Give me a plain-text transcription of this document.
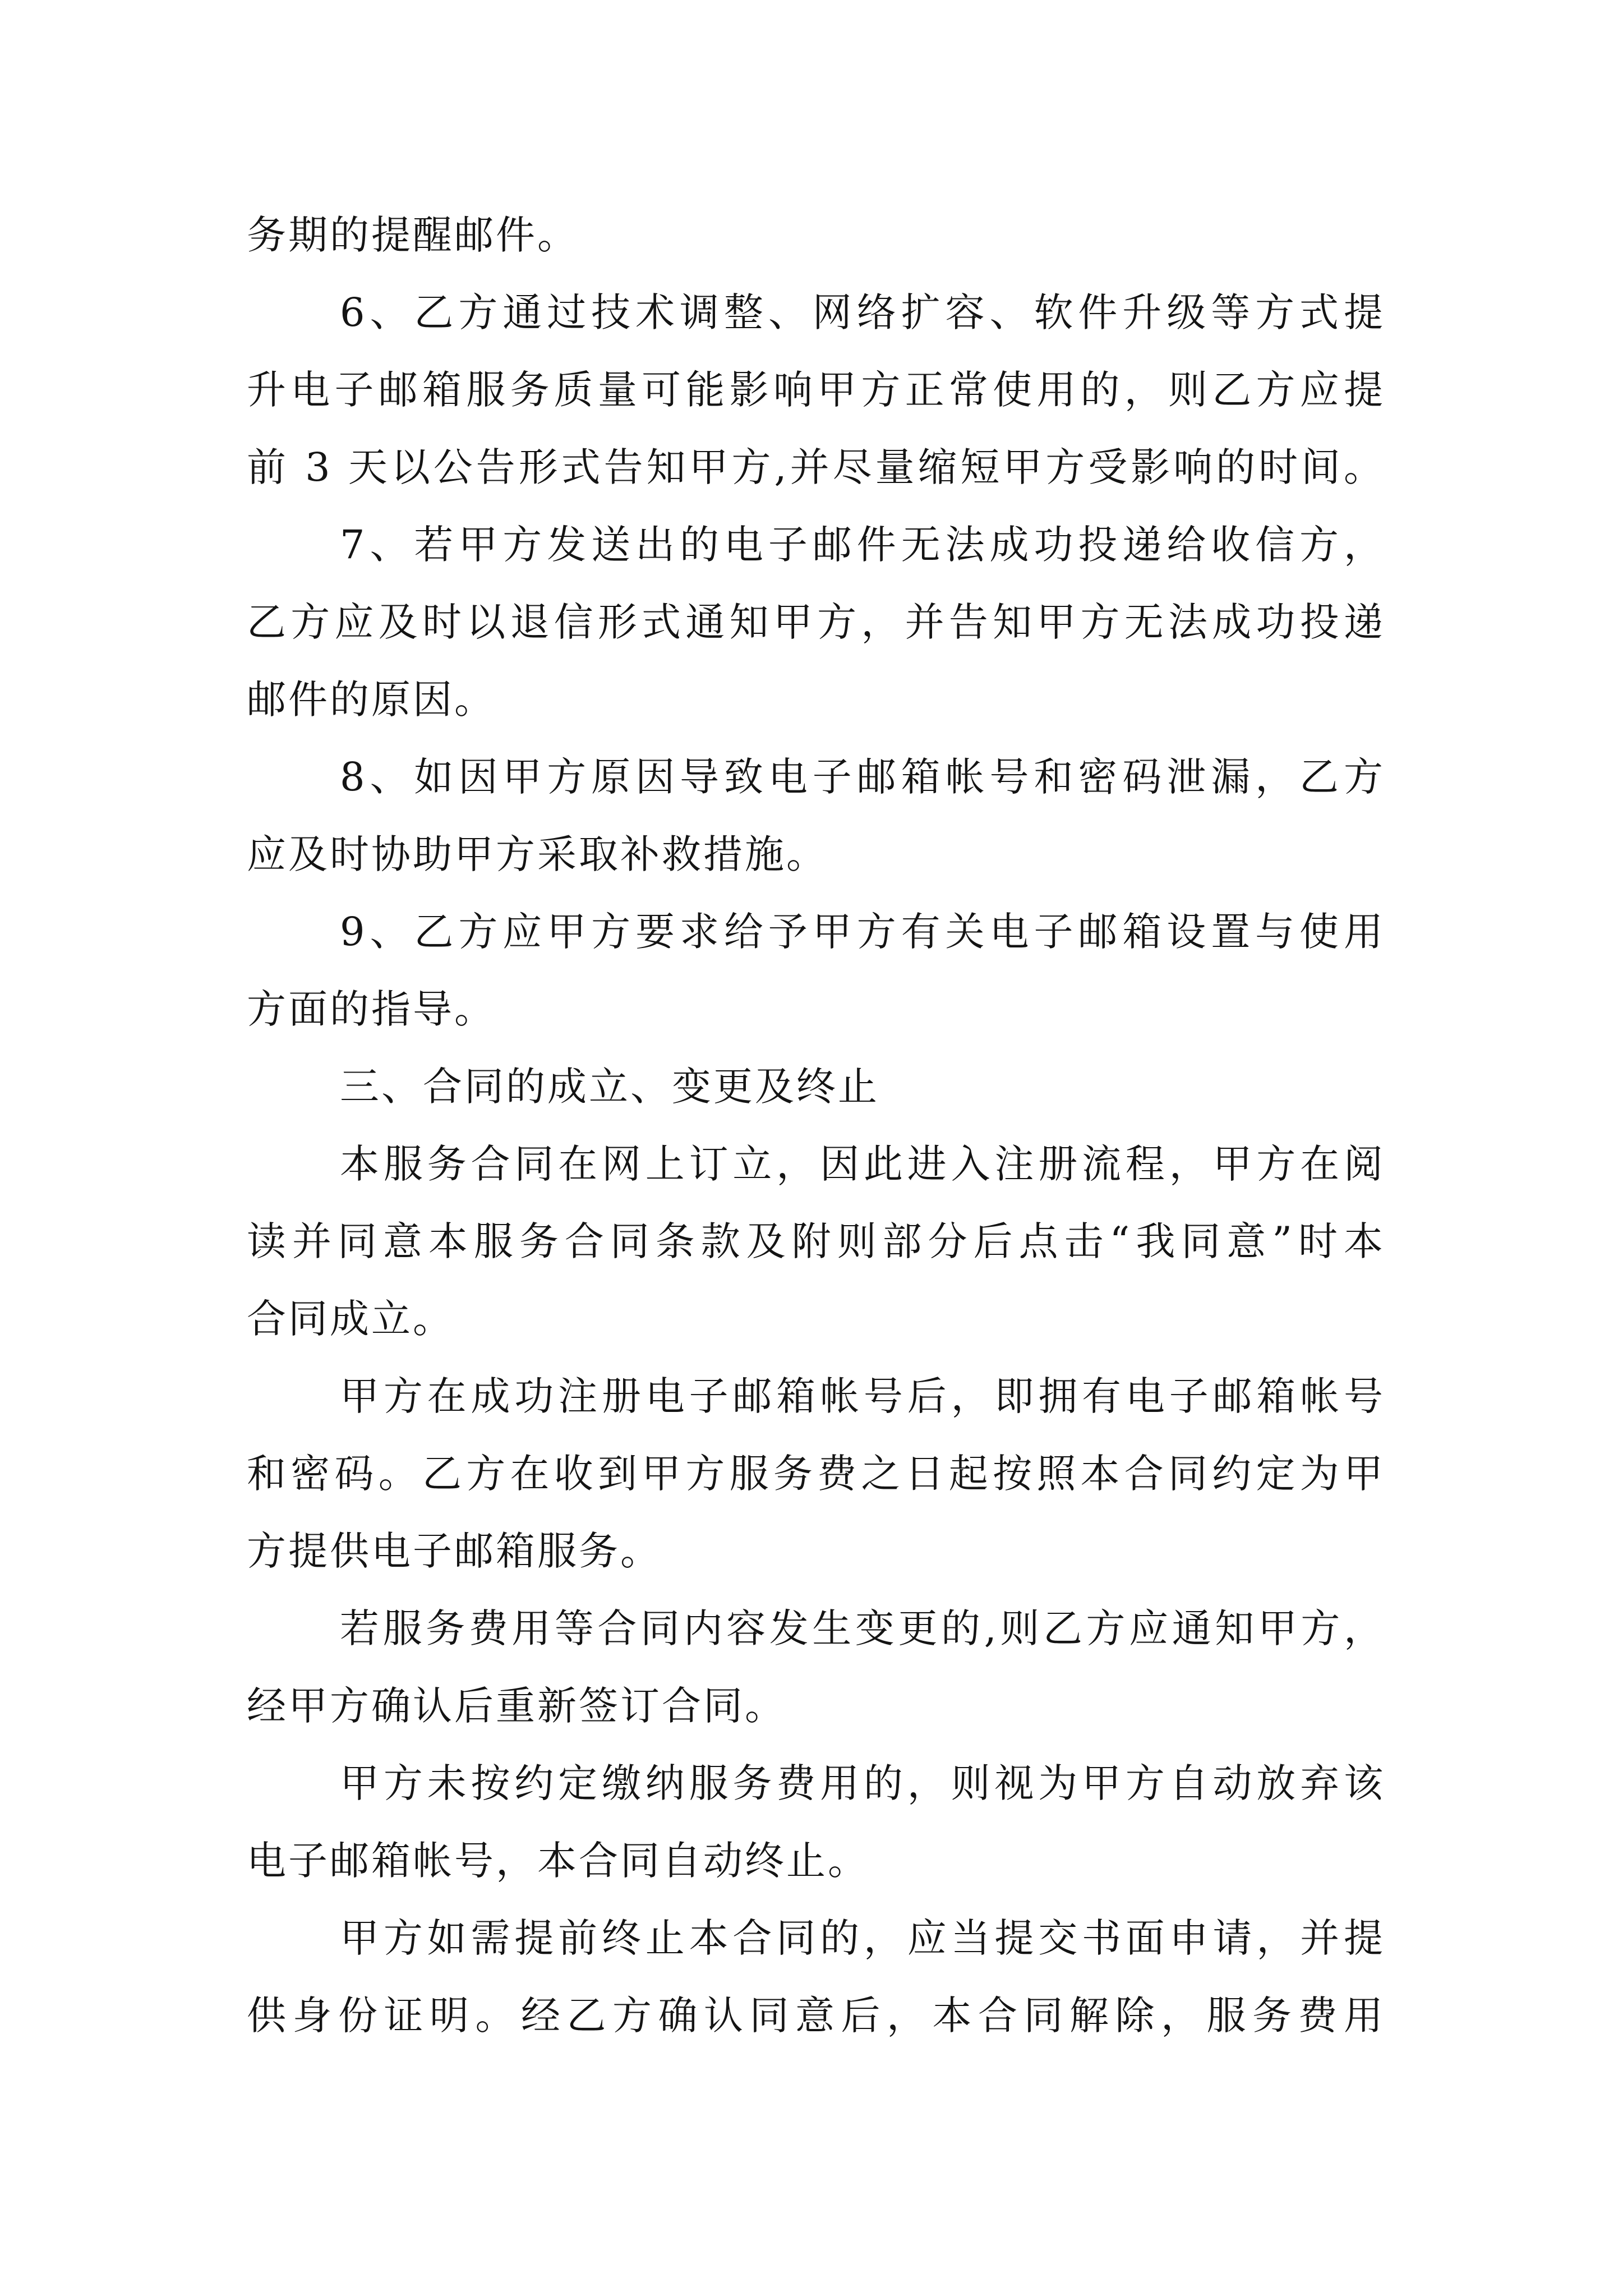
务期的提醒邮件。
6、乙方通过技术调整、网络扩容、软件升级等方式提
升电子邮箱服务质量可能影响甲方正常使用的，则乙方应提
前 3 天以公告形式告知甲方,并尽量缩短甲方受影响的时间。
7、若甲方发送出的电子邮件无法成功投递给收信方，
乙方应及时以退信形式通知甲方，并告知甲方无法成功投递
邮件的原因。
8、如因甲方原因导致电子邮箱帐号和密码泄漏，乙方
应及时协助甲方采取补救措施。
9、乙方应甲方要求给予甲方有关电子邮箱设置与使用
方面的指导。
三、合同的成立、变更及终止
本服务合同在网上订立，因此进入注册流程，甲方在阅
读并同意本服务合同条款及附则部分后点击“我同意”时本
合同成立。
甲方在成功注册电子邮箱帐号后，即拥有电子邮箱帐号
和密码。乙方在收到甲方服务费之日起按照本合同约定为甲
方提供电子邮箱服务。
若服务费用等合同内容发生变更的,则乙方应通知甲方，
经甲方确认后重新签订合同。
甲方未按约定缴纳服务费用的，则视为甲方自动放弃该
电子邮箱帐号，本合同自动终止。
甲方如需提前终止本合同的，应当提交书面申请，并提
供身份证明。经乙方确认同意后，本合同解除，服务费用
